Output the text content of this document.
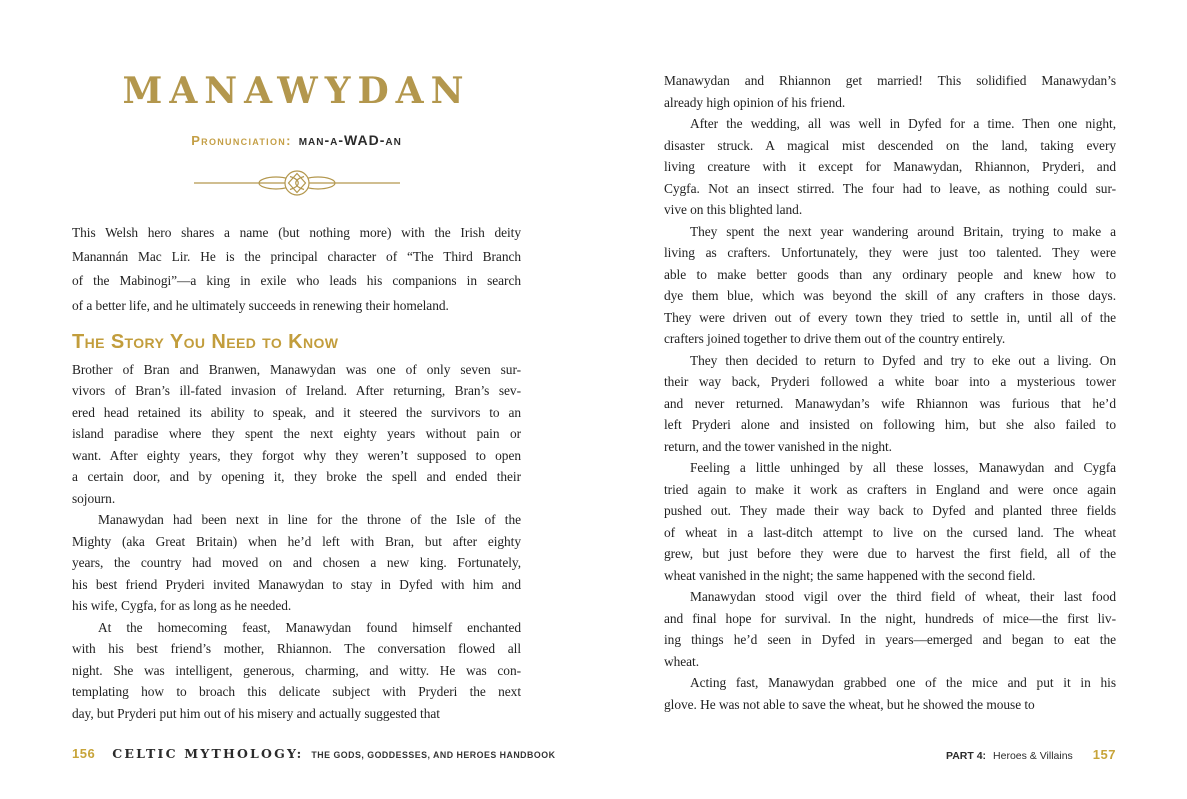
MANAWYDAN
Pronunciation: man-a-WAD-an
This Welsh hero shares a name (but nothing more) with the Irish deity
Manannán Mac Lir. He is the principal character of “The Third Branch
of the Mabinogi”—a king in exile who leads his companions in search
of a better life, and he ultimately succeeds in renewing their homeland.
The Story You Need to Know
Brother of Bran and Branwen, Manawydan was one of only seven sur-
vivors of Bran’s ill-fated invasion of Ireland. After returning, Bran’s sev-
ered head retained its ability to speak, and it steered the survivors to an
island paradise where they spent the next eighty years without pain or
want. After eighty years, they forgot why they weren’t supposed to open
a certain door, and by opening it, they broke the spell and ended their
sojourn.
Manawydan had been next in line for the throne of the Isle of the
Mighty (aka Great Britain) when he’d left with Bran, but after eighty
years, the country had moved on and chosen a new king. Fortunately,
his best friend Pryderi invited Manawydan to stay in Dyfed with him and
his wife, Cygfa, for as long as he needed.
At the homecoming feast, Manawydan found himself enchanted
with his best friend’s mother, Rhiannon. The conversation flowed all
night. She was intelligent, generous, charming, and witty. He was con-
templating how to broach this delicate subject with Pryderi the next
day, but Pryderi put him out of his misery and actually suggested that
156 CELTIC MYTHOLOGY: THE GODS, GODDESSES, AND HEROES HANDBOOK
Manawydan and Rhiannon get married! This solidified Manawydan’s
already high opinion of his friend.
After the wedding, all was well in Dyfed for a time. Then one night,
disaster struck. A magical mist descended on the land, taking every
living creature with it except for Manawydan, Rhiannon, Pryderi, and
Cygfa. Not an insect stirred. The four had to leave, as nothing could sur-
vive on this blighted land.
They spent the next year wandering around Britain, trying to make a
living as crafters. Unfortunately, they were just too talented. They were
able to make better goods than any ordinary people and knew how to
dye them blue, which was beyond the skill of any crafters in those days.
They were driven out of every town they tried to settle in, until all of the
crafters joined together to drive them out of the country entirely.
They then decided to return to Dyfed and try to eke out a living. On
their way back, Pryderi followed a white boar into a mysterious tower
and never returned. Manawydan’s wife Rhiannon was furious that he’d
left Pryderi alone and insisted on following him, but she also failed to
return, and the tower vanished in the night.
Feeling a little unhinged by all these losses, Manawydan and Cygfa
tried again to make it work as crafters in England and were once again
pushed out. They made their way back to Dyfed and planted three fields
of wheat in a last-ditch attempt to live on the cursed land. The wheat
grew, but just before they were due to harvest the first field, all of the
wheat vanished in the night; the same happened with the second field.
Manawydan stood vigil over the third field of wheat, their last food
and final hope for survival. In the night, hundreds of mice—the first liv-
ing things he’d seen in Dyfed in years—emerged and began to eat the
wheat.
Acting fast, Manawydan grabbed one of the mice and put it in his
glove. He was not able to save the wheat, but he showed the mouse to
PART 4: Heroes & Villains 157
